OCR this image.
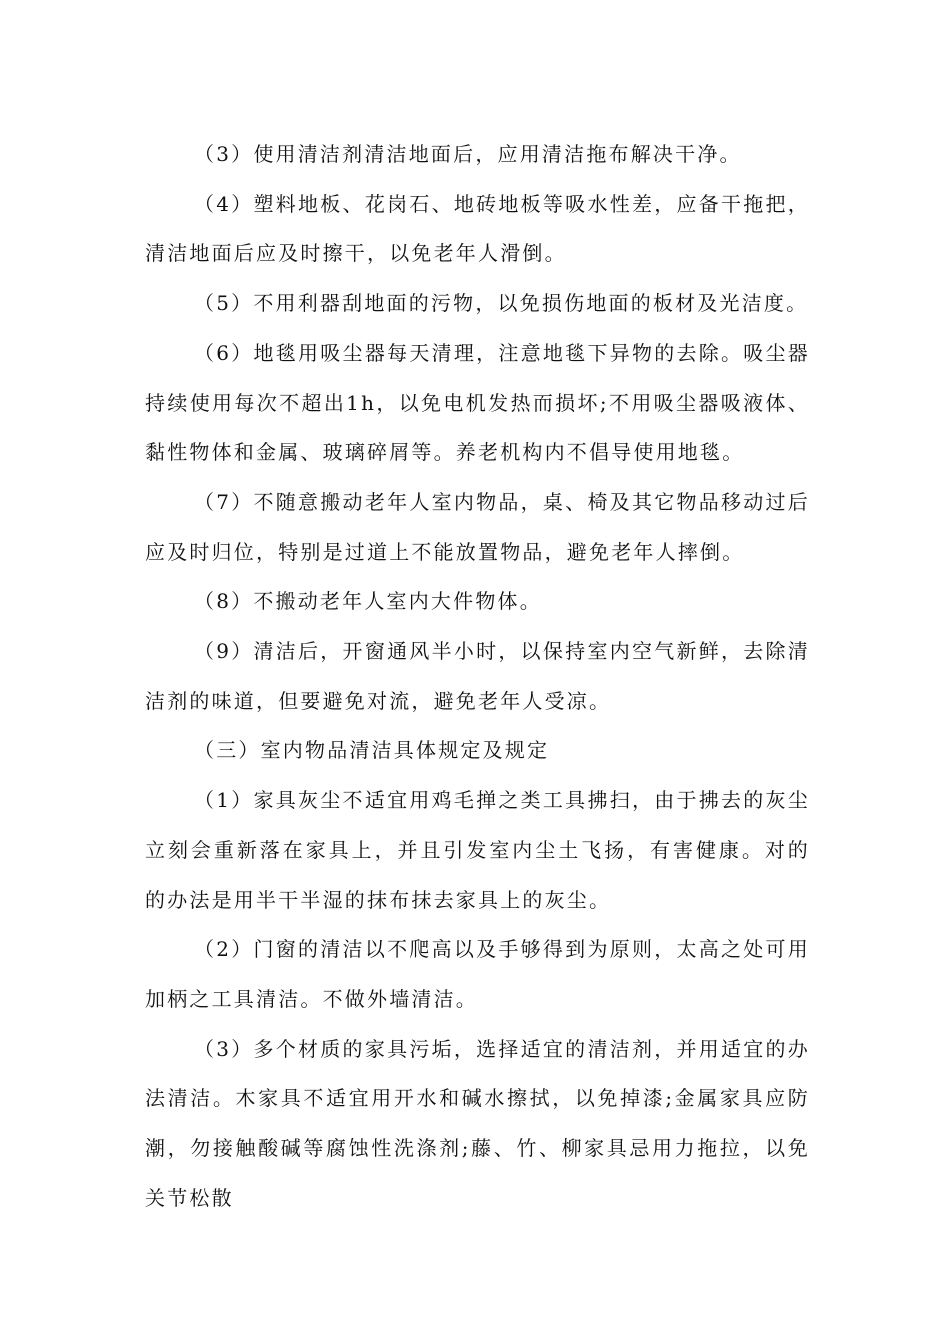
（3）使用清洁剂清洁地面后，应用清洁拖布解决干净。

（4）塑料地板、花岗石、地砖地板等吸水性差，应备干拖把，清洁地面后应及时擦干，以免老年人滑倒。

（5）不用利器刮地面的污物，以免损伤地面的板材及光洁度。

（6）地毯用吸尘器每天清理，注意地毯下异物的去除。吸尘器持续使用每次不超出1h，以免电机发热而损坏;不用吸尘器吸液体、黏性物体和金属、玻璃碎屑等。养老机构内不倡导使用地毯。

（7）不随意搬动老年人室内物品，桌、椅及其它物品移动过后应及时归位，特别是过道上不能放置物品，避免老年人摔倒。

（8）不搬动老年人室内大件物体。

（9）清洁后，开窗通风半小时，以保持室内空气新鲜，去除清洁剂的味道，但要避免对流，避免老年人受凉。

（三）室内物品清洁具体规定及规定

（1）家具灰尘不适宜用鸡毛掸之类工具拂扫，由于拂去的灰尘立刻会重新落在家具上，并且引发室内尘土飞扬，有害健康。对的的办法是用半干半湿的抹布抹去家具上的灰尘。

（2）门窗的清洁以不爬高以及手够得到为原则，太高之处可用加柄之工具清洁。不做外墙清洁。

（3）多个材质的家具污垢，选择适宜的清洁剂，并用适宜的办法清洁。木家具不适宜用开水和碱水擦拭，以免掉漆;金属家具应防潮，勿接触酸碱等腐蚀性洗涤剂;藤、竹、柳家具忌用力拖拉，以免关节松散
